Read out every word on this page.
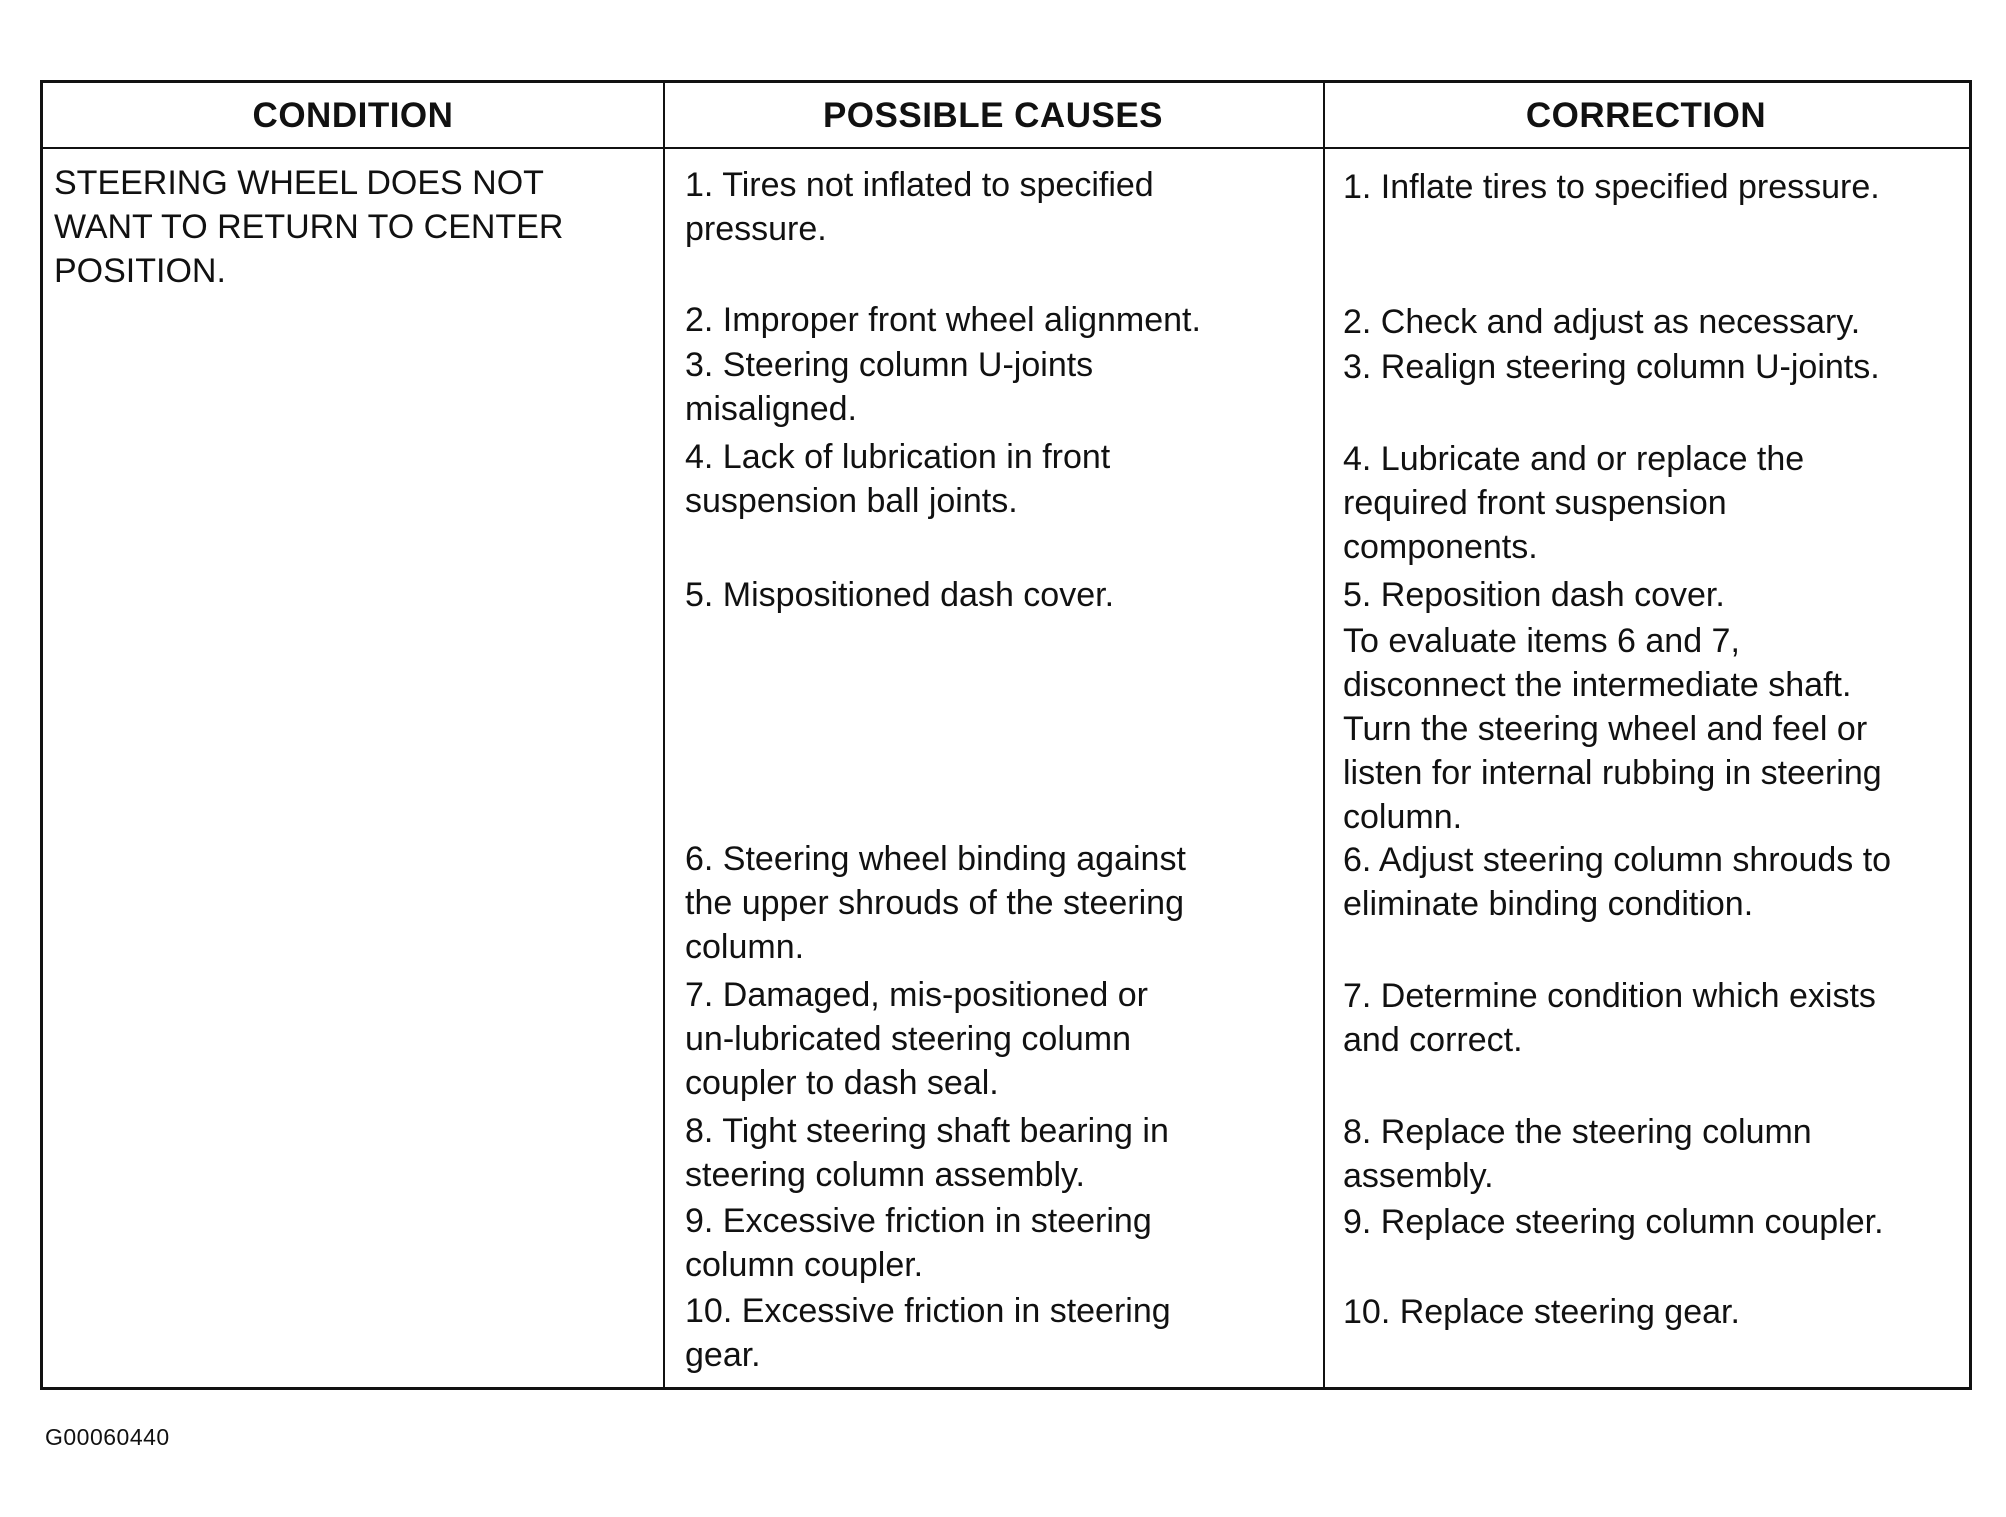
CONDITION	POSSIBLE CAUSES	CORRECTION
STEERING WHEEL DOES NOT
WANT TO RETURN TO CENTER
POSITION.
1. Tires not inflated to specified
pressure.
2. Improper front wheel alignment.
3. Steering column U-joints
misaligned.
4. Lack of lubrication in front
suspension ball joints.
5. Mispositioned dash cover.
6. Steering wheel binding against
the upper shrouds of the steering
column.
7. Damaged, mis-positioned or
un-lubricated steering column
coupler to dash seal.
8. Tight steering shaft bearing in
steering column assembly.
9. Excessive friction in steering
column coupler.
10. Excessive friction in steering
gear.
1. Inflate tires to specified pressure.
2. Check and adjust as necessary.
3. Realign steering column U-joints.
4. Lubricate and or replace the
required front suspension
components.
5. Reposition dash cover.
To evaluate items 6 and 7,
disconnect the intermediate shaft.
Turn the steering wheel and feel or
listen for internal rubbing in steering
column.
6. Adjust steering column shrouds to
eliminate binding condition.
7. Determine condition which exists
and correct.
8. Replace the steering column
assembly.
9. Replace steering column coupler.
10. Replace steering gear.
G00060440
